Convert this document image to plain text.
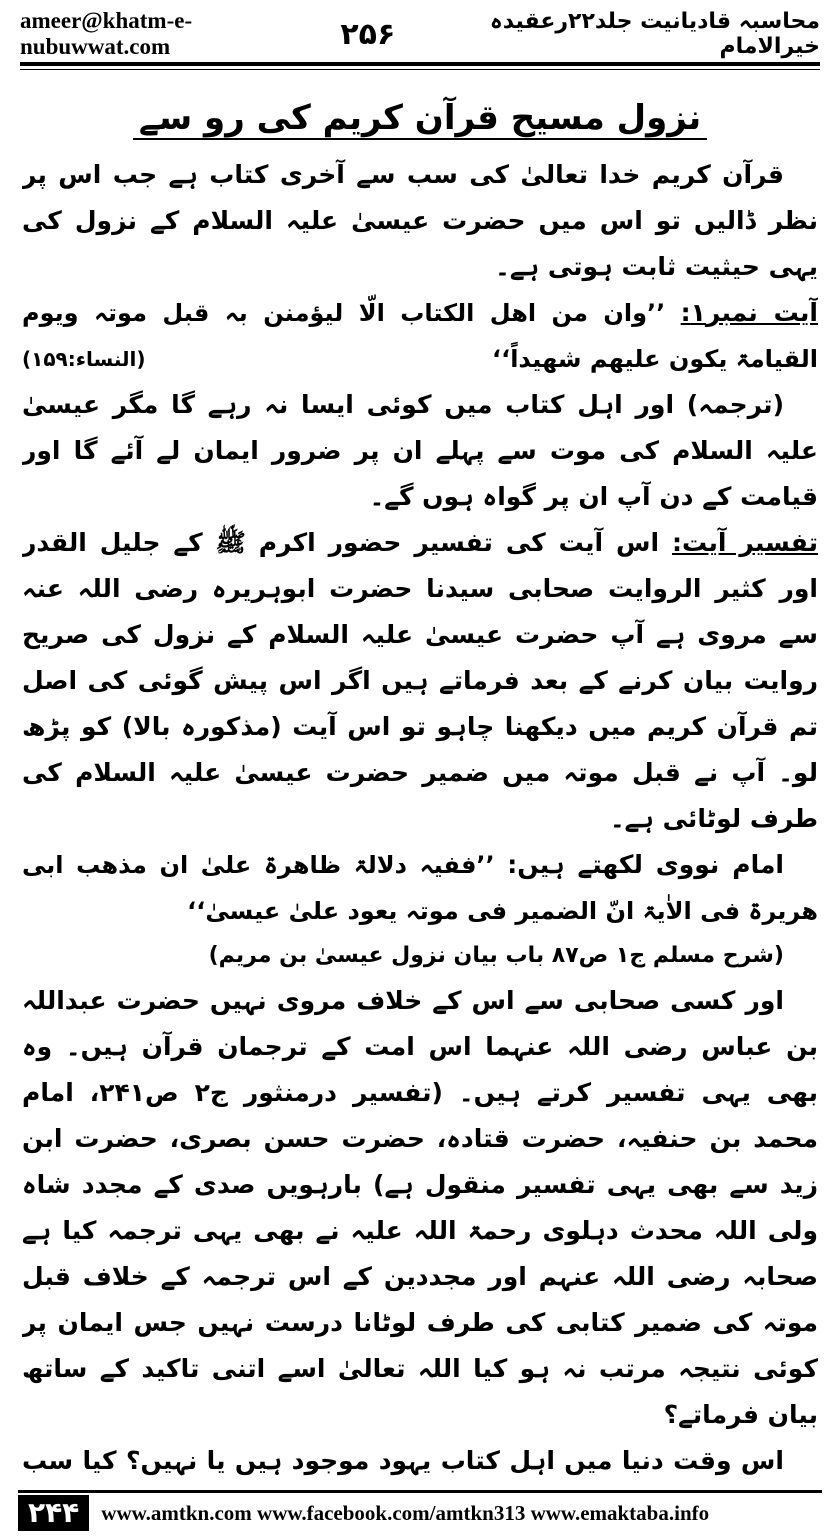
ameer@khatm-e-nubuwwat.com	۲۵۶	محاسبہ قادیانیت جلد۲۲رعقیدہ خیرالامام
نزول مسیح قرآن کریم کی رو سے

قرآن کریم خدا تعالیٰ کی سب سے آخری کتاب ہے جب اس پر نظر ڈالیں تو اس میں حضرت عیسیٰ علیہ السلام کے نزول کی یہی حیثیت ثابت ہوتی ہے۔

آیت نمبر۱: ’’وان من اھل الکتاب الّا لیؤمنن بہ قبل موتہ ویوم القیامۃ یکون علیھم شھیداً‘‘
(النساء:۱۵۹)

(ترجمہ) اور اہل کتاب میں کوئی ایسا نہ رہے گا مگر عیسیٰ علیہ السلام کی موت سے پہلے ان پر ضرور ایمان لے آئے گا اور قیامت کے دن آپ ان پر گواہ ہوں گے۔

تفسیر آیت: اس آیت کی تفسیر حضور اکرم ﷺ کے جلیل القدر اور کثیر الروایت صحابی سیدنا حضرت ابوہریرہ رضی اللہ عنہ سے مروی ہے آپ حضرت عیسیٰ علیہ السلام کے نزول کی صریح روایت بیان کرنے کے بعد فرماتے ہیں اگر اس پیش گوئی کی اصل تم قرآن کریم میں دیکھنا چاہو تو اس آیت (مذکورہ بالا) کو پڑھ لو۔ آپ نے قبل موتہ میں ضمیر حضرت عیسیٰ علیہ السلام کی طرف لوٹائی ہے۔

امام نووی لکھتے ہیں: ’’ففیہ دلالۃ ظاھرۃ علیٰ ان مذھب ابی ھریرۃ فی الاٰیۃ انّ الضمیر فی موتہ یعود علیٰ عیسیٰ‘‘

(شرح مسلم ج۱ ص۸۷ باب بیان نزول عیسیٰ بن مریم)

اور کسی صحابی سے اس کے خلاف مروی نہیں حضرت عبداللہ بن عباس رضی اللہ عنہما اس امت کے ترجمان قرآن ہیں۔ وہ بھی یہی تفسیر کرتے ہیں۔ (تفسیر درمنثور ج۲ ص۲۴۱، امام محمد بن حنفیہ، حضرت قتادہ، حضرت حسن بصری، حضرت ابن زید سے بھی یہی تفسیر منقول ہے) بارہویں صدی کے مجدد شاہ ولی اللہ محدث دہلوی رحمۃ اللہ علیہ نے بھی یہی ترجمہ کیا ہے صحابہ رضی اللہ عنہم اور مجددین کے اس ترجمہ کے خلاف قبل موتہ کی ضمیر کتابی کی طرف لوٹانا درست نہیں جس ایمان پر کوئی نتیجہ مرتب نہ ہو کیا اللہ تعالیٰ اسے اتنی تاکید کے ساتھ بیان فرماتے؟

اس وقت دنیا میں اہل کتاب یہود موجود ہیں یا نہیں؟ کیا سب

۲۴۴	www.amtkn.com www.facebook.com/amtkn313 www.emaktaba.info
